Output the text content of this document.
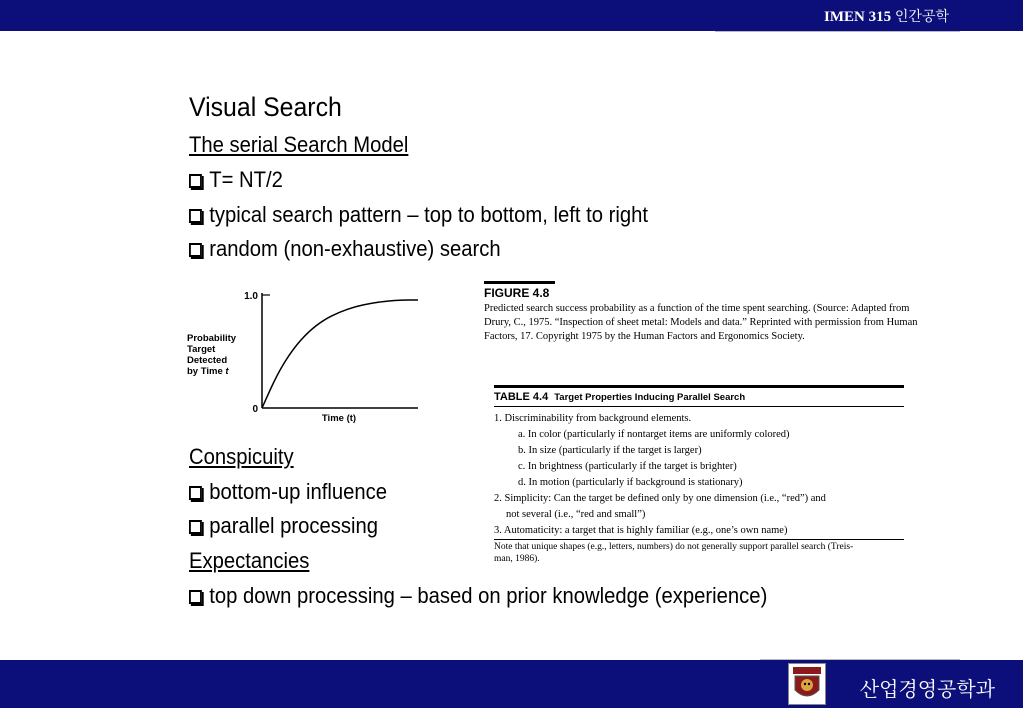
IMEN 315 인간공학
Visual Search
The serial Search Model
T= NT/2
typical search pattern – top to bottom, left to right
random (non-exhaustive) search
Conspicuity
bottom-up influence
parallel processing
Expectancies
top down processing – based on prior knowledge (experience)
1.0
0
Probability Target Detected by Time t
Time (t)
FIGURE 4.8
Predicted search success probability as a function of the time spent searching. (Source: Adapted from Drury, C., 1975. “Inspection of sheet metal: Models and data.” Reprinted with permission from Human Factors, 17. Copyright 1975 by the Human Factors and Ergonomics Society.
TABLE 4.4 Target Properties Inducing Parallel Search
1. Discriminability from background elements.
a. In color (particularly if nontarget items are uniformly colored)
b. In size (particularly if the target is larger)
c. In brightness (particularly if the target is brighter)
d. In motion (particularly if background is stationary)
2. Simplicity: Can the target be defined only by one dimension (i.e., “red”) and
not several (i.e., “red and small”)
3. Automaticity: a target that is highly familiar (e.g., one’s own name)
Note that unique shapes (e.g., letters, numbers) do not generally support parallel search (Treis-
man, 1986).
산업경영공학과
